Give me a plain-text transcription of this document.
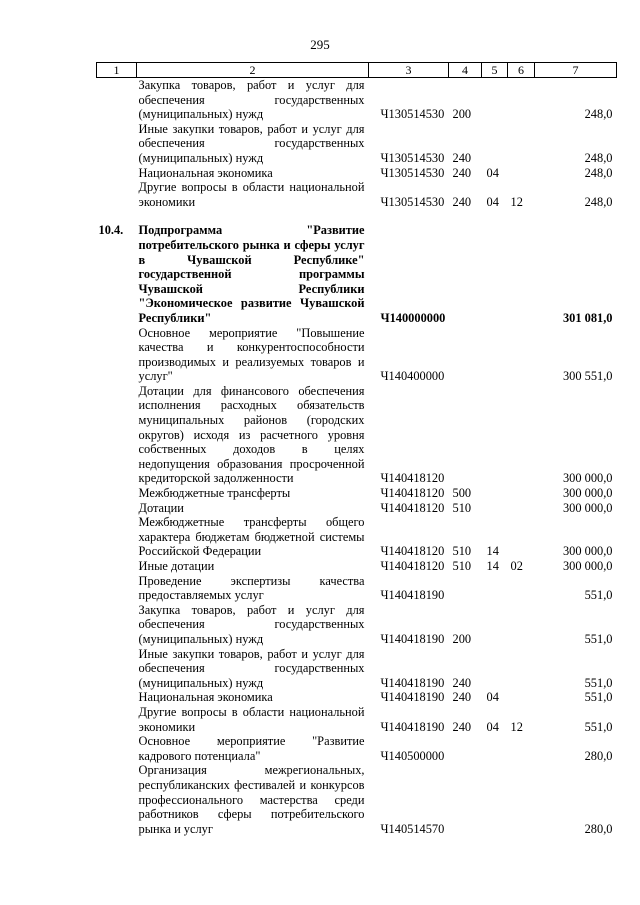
295
1	2	3	4	5	6	7
	Закупка товаров, работ и услуг для обеспечения государственных (муниципальных) нужд	Ч130514530	200			248,0
	Иные закупки товаров, работ и услуг для обеспечения государственных (муниципальных) нужд	Ч130514530	240			248,0
	Национальная экономика	Ч130514530	240	04		248,0
	Другие вопросы в области национальной экономики	Ч130514530	240	04	12	248,0

10.4.	Подпрограмма "Развитие потребительского рынка и сферы услуг в Чувашской Республике" государственной программы Чувашской Республики "Экономическое развитие Чувашской Республики"	Ч140000000				301 081,0
	Основное мероприятие "Повышение качества и конкурентоспособности производимых и реализуемых товаров и услуг"	Ч140400000				300 551,0
	Дотации для финансового обеспечения исполнения расходных обязательств муниципальных районов (городских округов) исходя из расчетного уровня собственных доходов в целях недопущения образования просроченной кредиторской задолженности	Ч140418120				300 000,0
	Межбюджетные трансферты	Ч140418120	500			300 000,0
	Дотации	Ч140418120	510			300 000,0
	Межбюджетные трансферты общего характера бюджетам бюджетной системы Российской Федерации	Ч140418120	510	14		300 000,0
	Иные дотации	Ч140418120	510	14	02	300 000,0
	Проведение экспертизы качества предоставляемых услуг	Ч140418190				551,0
	Закупка товаров, работ и услуг для обеспечения государственных (муниципальных) нужд	Ч140418190	200			551,0
	Иные закупки товаров, работ и услуг для обеспечения государственных (муниципальных) нужд	Ч140418190	240			551,0
	Национальная экономика	Ч140418190	240	04		551,0
	Другие вопросы в области национальной экономики	Ч140418190	240	04	12	551,0
	Основное мероприятие "Развитие кадрового потенциала"	Ч140500000				280,0
	Организация межрегиональных, республиканских фестивалей и конкурсов профессионального мастерства среди работников сферы потребительского рынка и услуг	Ч140514570				280,0
